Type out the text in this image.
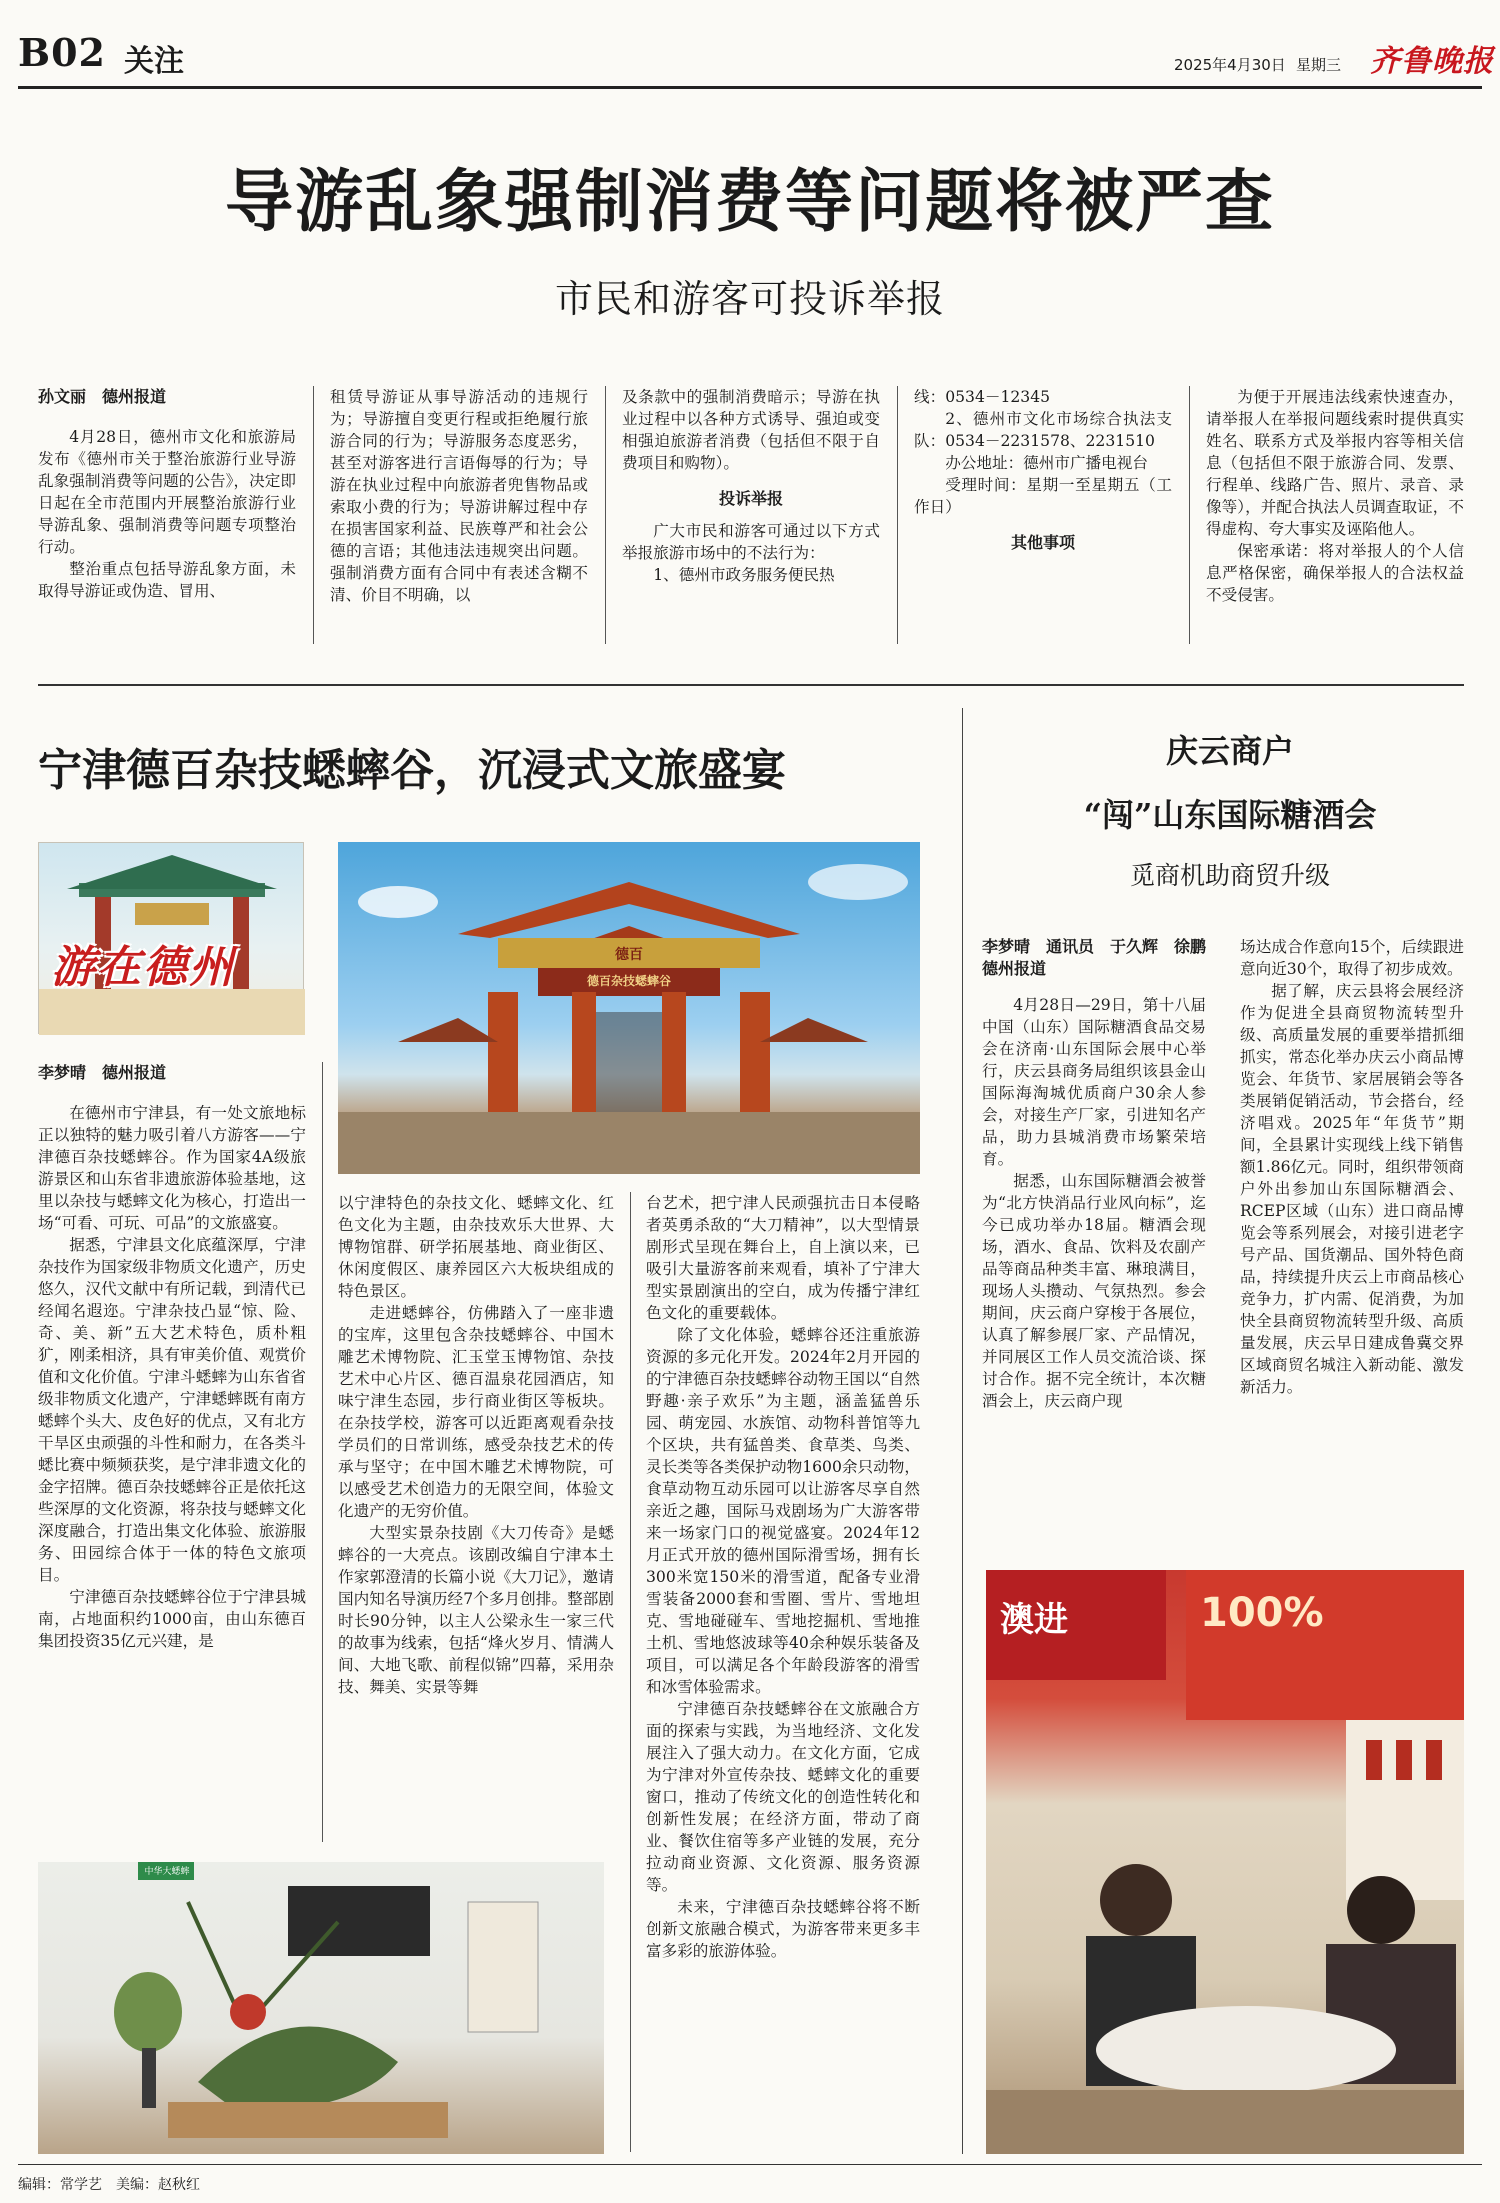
B02 关注	2025年4月30日 星期三 齐鲁晚报
导游乱象强制消费等问题将被严查
市民和游客可投诉举报

孙文丽　德州报道

4月28日，德州市文化和旅游局发布《德州市关于整治旅游行业导游乱象强制消费等问题的公告》，决定即日起在全市范围内开展整治旅游行业导游乱象、强制消费等问题专项整治行动。

整治重点包括导游乱象方面，未取得导游证或伪造、冒用、

租赁导游证从事导游活动的违规行为；导游擅自变更行程或拒绝履行旅游合同的行为；导游服务态度恶劣，甚至对游客进行言语侮辱的行为；导游在执业过程中向旅游者兜售物品或索取小费的行为；导游讲解过程中存在损害国家利益、民族尊严和社会公德的言语；其他违法违规突出问题。强制消费方面有合同中有表述含糊不清、价目不明确，以

及条款中的强制消费暗示；导游在执业过程中以各种方式诱导、强迫或变相强迫旅游者消费（包括但不限于自费项目和购物）。

投诉举报

广大市民和游客可通过以下方式举报旅游市场中的不法行为：

1、德州市政务服务便民热

线：0534－12345

2、德州市文化市场综合执法支队：0534－2231578、2231510

办公地址：德州市广播电视台

受理时间：星期一至星期五（工作日）

其他事项

为便于开展违法线索快速查办，请举报人在举报问题线索时提供真实姓名、联系方式及举报内容等相关信息（包括但不限于旅游合同、发票、行程单、线路广告、照片、录音、录像等），并配合执法人员调查取证，不得虚构、夸大事实及诬陷他人。

保密承诺：将对举报人的个人信息严格保密，确保举报人的合法权益不受侵害。

宁津德百杂技蟋蟀谷，沉浸式文旅盛宴
游在德州	德百杂技蟋蟀谷
德百

李梦晴　德州报道

在德州市宁津县，有一处文旅地标正以独特的魅力吸引着八方游客——宁津德百杂技蟋蟀谷。作为国家4A级旅游景区和山东省非遗旅游体验基地，这里以杂技与蟋蟀文化为核心，打造出一场“可看、可玩、可品”的文旅盛宴。

据悉，宁津县文化底蕴深厚，宁津杂技作为国家级非物质文化遗产，历史悠久，汉代文献中有所记载，到清代已经闻名遐迩。宁津杂技凸显“惊、险、奇、美、新”五大艺术特色，质朴粗犷，刚柔相济，具有审美价值、观赏价值和文化价值。宁津斗蟋蟀为山东省省级非物质文化遗产，宁津蟋蟀既有南方蟋蟀个头大、皮色好的优点，又有北方干旱区虫顽强的斗性和耐力，在各类斗蟋比赛中频频获奖，是宁津非遗文化的金字招牌。德百杂技蟋蟀谷正是依托这些深厚的文化资源，将杂技与蟋蟀文化深度融合，打造出集文化体验、旅游服务、田园综合体于一体的特色文旅项目。

宁津德百杂技蟋蟀谷位于宁津县城南，占地面积约1000亩，由山东德百集团投资35亿元兴建，是

以宁津特色的杂技文化、蟋蟀文化、红色文化为主题，由杂技欢乐大世界、大博物馆群、研学拓展基地、商业街区、休闲度假区、康养园区六大板块组成的特色景区。

走进蟋蟀谷，仿佛踏入了一座非遗的宝库，这里包含杂技蟋蟀谷、中国木雕艺术博物院、汇玉堂玉博物馆、杂技艺术中心片区、德百温泉花园酒店，知味宁津生态园，步行商业街区等板块。在杂技学校，游客可以近距离观看杂技学员们的日常训练，感受杂技艺术的传承与坚守；在中国木雕艺术博物院，可以感受艺术创造力的无限空间，体验文化遗产的无穷价值。

大型实景杂技剧《大刀传奇》是蟋蟀谷的一大亮点。该剧改编自宁津本土作家郭澄清的长篇小说《大刀记》，邀请国内知名导演历经7个多月创排。整部剧时长90分钟，以主人公梁永生一家三代的故事为线索，包括“烽火岁月、情满人间、大地飞歌、前程似锦”四幕，采用杂技、舞美、实景等舞

台艺术，把宁津人民顽强抗击日本侵略者英勇杀敌的“大刀精神”，以大型情景剧形式呈现在舞台上，自上演以来，已吸引大量游客前来观看，填补了宁津大型实景剧演出的空白，成为传播宁津红色文化的重要载体。

除了文化体验，蟋蟀谷还注重旅游资源的多元化开发。2024年2月开园的的宁津德百杂技蟋蟀谷动物王国以“自然野趣·亲子欢乐”为主题，涵盖猛兽乐园、萌宠园、水族馆、动物科普馆等九个区块，共有猛兽类、食草类、鸟类、灵长类等各类保护动物1600余只动物，食草动物互动乐园可以让游客尽享自然亲近之趣，国际马戏剧场为广大游客带来一场家门口的视觉盛宴。2024年12月正式开放的德州国际滑雪场，拥有长300米宽150米的滑雪道，配备专业滑雪装备2000套和雪圈、雪片、雪地坦克、雪地碰碰车、雪地挖掘机、雪地推土机、雪地悠波球等40余种娱乐装备及项目，可以满足各个年龄段游客的滑雪和冰雪体验需求。

宁津德百杂技蟋蟀谷在文旅融合方面的探索与实践，为当地经济、文化发展注入了强大动力。在文化方面，它成为宁津对外宣传杂技、蟋蟀文化的重要窗口，推动了传统文化的创造性转化和创新性发展；在经济方面，带动了商业、餐饮住宿等多产业链的发展，充分拉动商业资源、文化资源、服务资源等。

未来，宁津德百杂技蟋蟀谷将不断创新文旅融合模式，为游客带来更多丰富多彩的旅游体验。

中华大蟋蟀
庆云商户
“闯”山东国际糖酒会
觅商机助商贸升级

李梦晴　通讯员　于久辉　徐鹏　德州报道

4月28日—29日，第十八届中国（山东）国际糖酒食品交易会在济南·山东国际会展中心举行，庆云县商务局组织该县金山国际海淘城优质商户30余人参会，对接生产厂家，引进知名产品，助力县城消费市场繁荣培育。

据悉，山东国际糖酒会被誉为“北方快消品行业风向标”，迄今已成功举办18届。糖酒会现场，酒水、食品、饮料及农副产品等商品种类丰富、琳琅满目，现场人头攒动、气氛热烈。参会期间，庆云商户穿梭于各展位，认真了解参展厂家、产品情况，并同展区工作人员交流洽谈、探讨合作。据不完全统计，本次糖酒会上，庆云商户现

场达成合作意向15个，后续跟进意向近30个，取得了初步成效。

据了解，庆云县将会展经济作为促进全县商贸物流转型升级、高质量发展的重要举措抓细抓实，常态化举办庆云小商品博览会、年货节、家居展销会等各类展销促销活动，节会搭台，经济唱戏。2025年“年货节”期间，全县累计实现线上线下销售额1.86亿元。同时，组织带领商户外出参加山东国际糖酒会、RCEP区域（山东）进口商品博览会等系列展会，对接引进老字号产品、国货潮品、国外特色商品，持续提升庆云上市商品核心竞争力，扩内需、促消费，为加快全县商贸物流转型升级、高质量发展，庆云早日建成鲁冀交界区域商贸名城注入新动能、激发新活力。

澳进	100%
编辑：常学艺　美编：赵秋红
